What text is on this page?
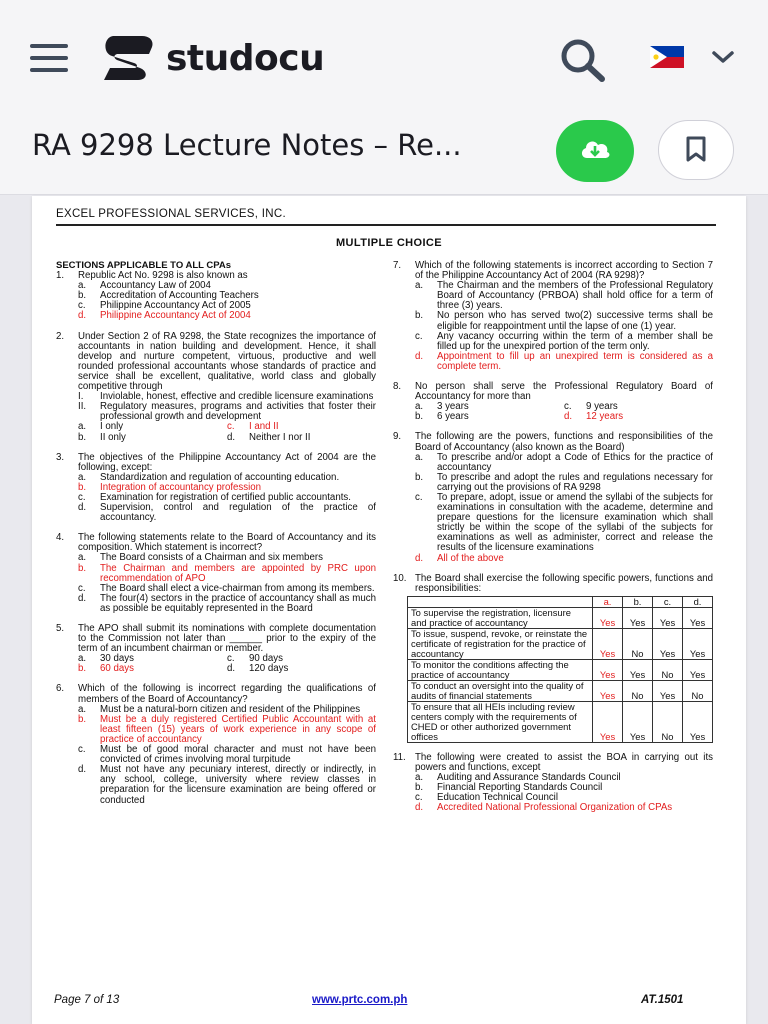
studocu
RA 9298 Lecture Notes – Re...
EXCEL PROFESSIONAL SERVICES, INC.
MULTIPLE CHOICE
SECTIONS APPLICABLE TO ALL CPAs
1.	Republic Act No. 9298 is also known as
a.	Accountancy Law of 2004
b.	Accreditation of Accounting Teachers
c.	Philippine Accountancy Act of 2005
d.	Philippine Accountancy Act of 2004
2.	Under Section 2 of RA 9298, the State recognizes the importance of accountants in nation building and development. Hence, it shall develop and nurture competent, virtuous, productive and well rounded professional accountants whose standards of practice and service shall be excellent, qualitative, world class and globally competitive through
I.	Inviolable, honest, effective and credible licensure examinations
II.	Regulatory measures, programs and activities that foster their professional growth and development
a.	I only	c.	I and II
b.	II only	d.	Neither I nor II
3.	The objectives of the Philippine Accountancy Act of 2004 are the following, except:
a.	Standardization and regulation of accounting education.
b.	Integration of accountancy profession
c.	Examination for registration of certified public accountants.
d.	Supervision, control and regulation of the practice of accountancy.
4.	The following statements relate to the Board of Accountancy and its composition. Which statement is incorrect?
a.	The Board consists of a Chairman and six members
b.	The Chairman and members are appointed by PRC upon recommendation of APO
c.	The Board shall elect a vice-chairman from among its members.
d.	The four(4) sectors in the practice of accountancy shall as much as possible be equitably represented in the Board
5.	The APO shall submit its nominations with complete documentation to the Commission not later than ______ prior to the expiry of the term of an incumbent chairman or member.
a.	30 days	c.	90 days
b.	60 days	d.	120 days
6.	Which of the following is incorrect regarding the qualifications of members of the Board of Accountancy?
a.	Must be a natural-born citizen and resident of the Philippines
b.	Must be a duly registered Certified Public Accountant with at least fifteen (15) years of work experience in any scope of practice of accountancy
c.	Must be of good moral character and must not have been convicted of crimes involving moral turpitude
d.	Must not have any pecuniary interest, directly or indirectly, in any school, college, university where review classes in preparation for the licensure examination are being offered or conducted
7.	Which of the following statements is incorrect according to Section 7 of the Philippine Accountancy Act of 2004 (RA 9298)?
a.	The Chairman and the members of the Professional Regulatory Board of Accountancy (PRBOA) shall hold office for a term of three (3) years.
b.	No person who has served two(2) successive terms shall be eligible for reappointment until the lapse of one (1) year.
c.	Any vacancy occurring within the term of a member shall be filled up for the unexpired portion of the term only.
d.	Appointment to fill up an unexpired term is considered as a complete term.
8.	No person shall serve the Professional Regulatory Board of Accountancy for more than
a.	3 years	c.	9 years
b.	6 years	d.	12 years
9.	The following are the powers, functions and responsibilities of the Board of Accountancy (also known as the Board)
a.	To prescribe and/or adopt a Code of Ethics for the practice of accountancy
b.	To prescribe and adopt the rules and regulations necessary for carrying out the provisions of RA 9298
c.	To prepare, adopt, issue or amend the syllabi of the subjects for examinations in consultation with the academe, determine and prepare questions for the licensure examination which shall strictly be within the scope of the syllabi of the subjects for examinations as well as administer, correct and release the results of the licensure examinations
d.	All of the above
10. The Board shall exercise the following specific powers, functions and responsibilities:
	a.	b.	c.	d.
To supervise the registration, licensure and practice of accountancy	Yes	Yes	Yes	Yes
To issue, suspend, revoke, or reinstate the certificate of registration for the practice of accountancy	Yes	No	Yes	Yes
To monitor the conditions affecting the practice of accountancy	Yes	Yes	No	Yes
To conduct an oversight into the quality of audits of financial statements	Yes	No	Yes	No
To ensure that all HEIs including review centers comply with the requirements of CHED or other authorized government offices	Yes	Yes	No	Yes
11. The following were created to assist the BOA in carrying out its powers and functions, except
a.	Auditing and Assurance Standards Council
b.	Financial Reporting Standards Council
c.	Education Technical Council
d.	Accredited National Professional Organization of CPAs
Page 7 of 13	www.prtc.com.ph	AT.1501
